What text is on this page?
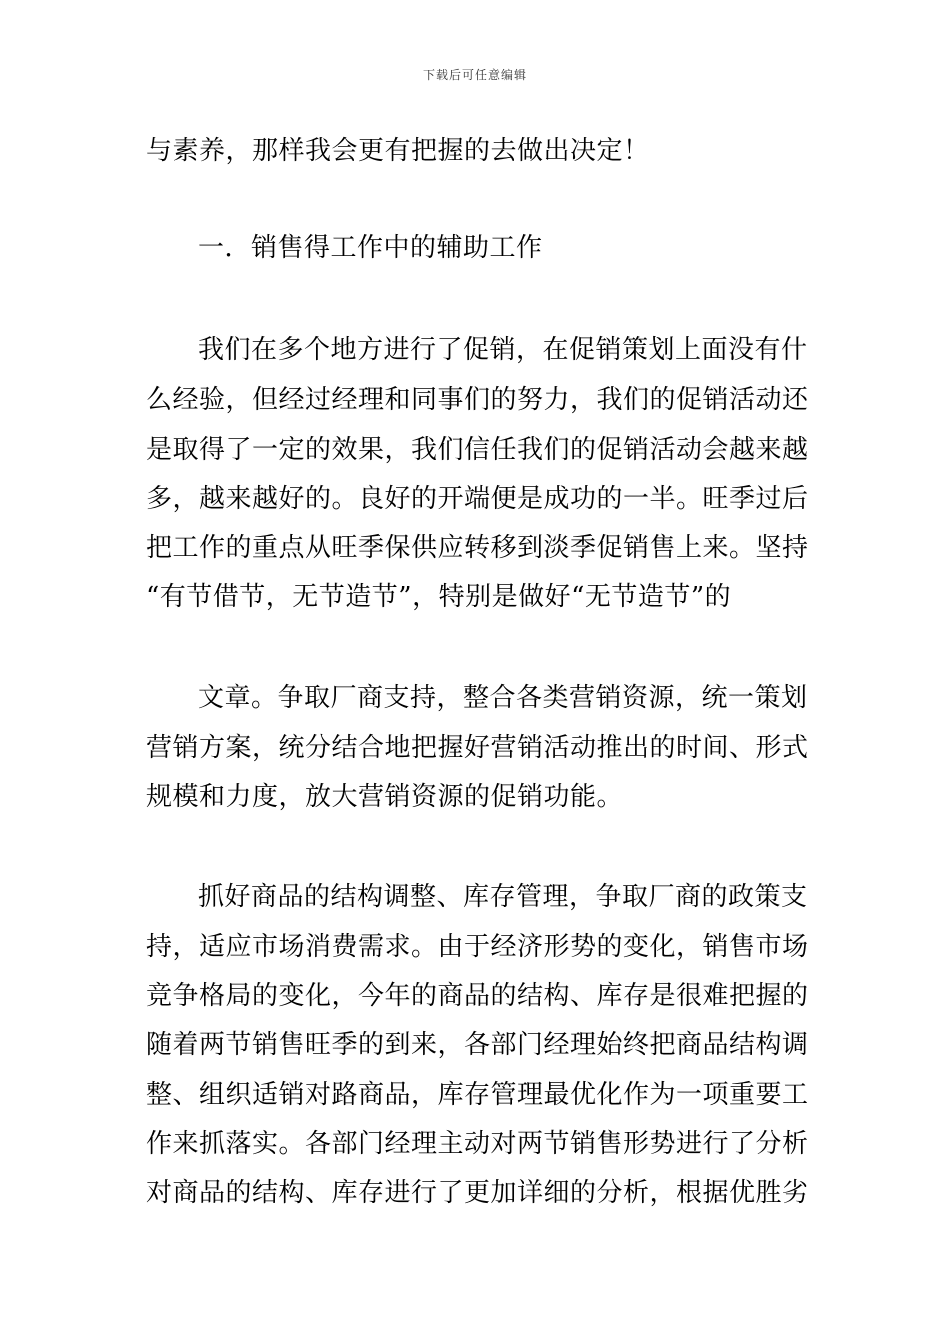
下载后可任意编辑
与素养，那样我会更有把握的去做出决定！
一．销售得工作中的辅助工作
我们在多个地方进行了促销，在促销策划上面没有什
么经验，但经过经理和同事们的努力，我们的促销活动还
是取得了一定的效果，我们信任我们的促销活动会越来越
多，越来越好的。良好的开端便是成功的一半。旺季过后
把工作的重点从旺季保供应转移到淡季促销售上来。坚持
“有节借节，无节造节”，特别是做好“无节造节”的
文章。争取厂商支持，整合各类营销资源，统一策划
营销方案，统分结合地把握好营销活动推出的时间、形式
规模和力度，放大营销资源的促销功能。
抓好商品的结构调整、库存管理，争取厂商的政策支
持，适应市场消费需求。由于经济形势的变化，销售市场
竞争格局的变化，今年的商品的结构、库存是很难把握的
随着两节销售旺季的到来，各部门经理始终把商品结构调
整、组织适销对路商品，库存管理最优化作为一项重要工
作来抓落实。各部门经理主动对两节销售形势进行了分析
对商品的结构、库存进行了更加详细的分析，根据优胜劣
